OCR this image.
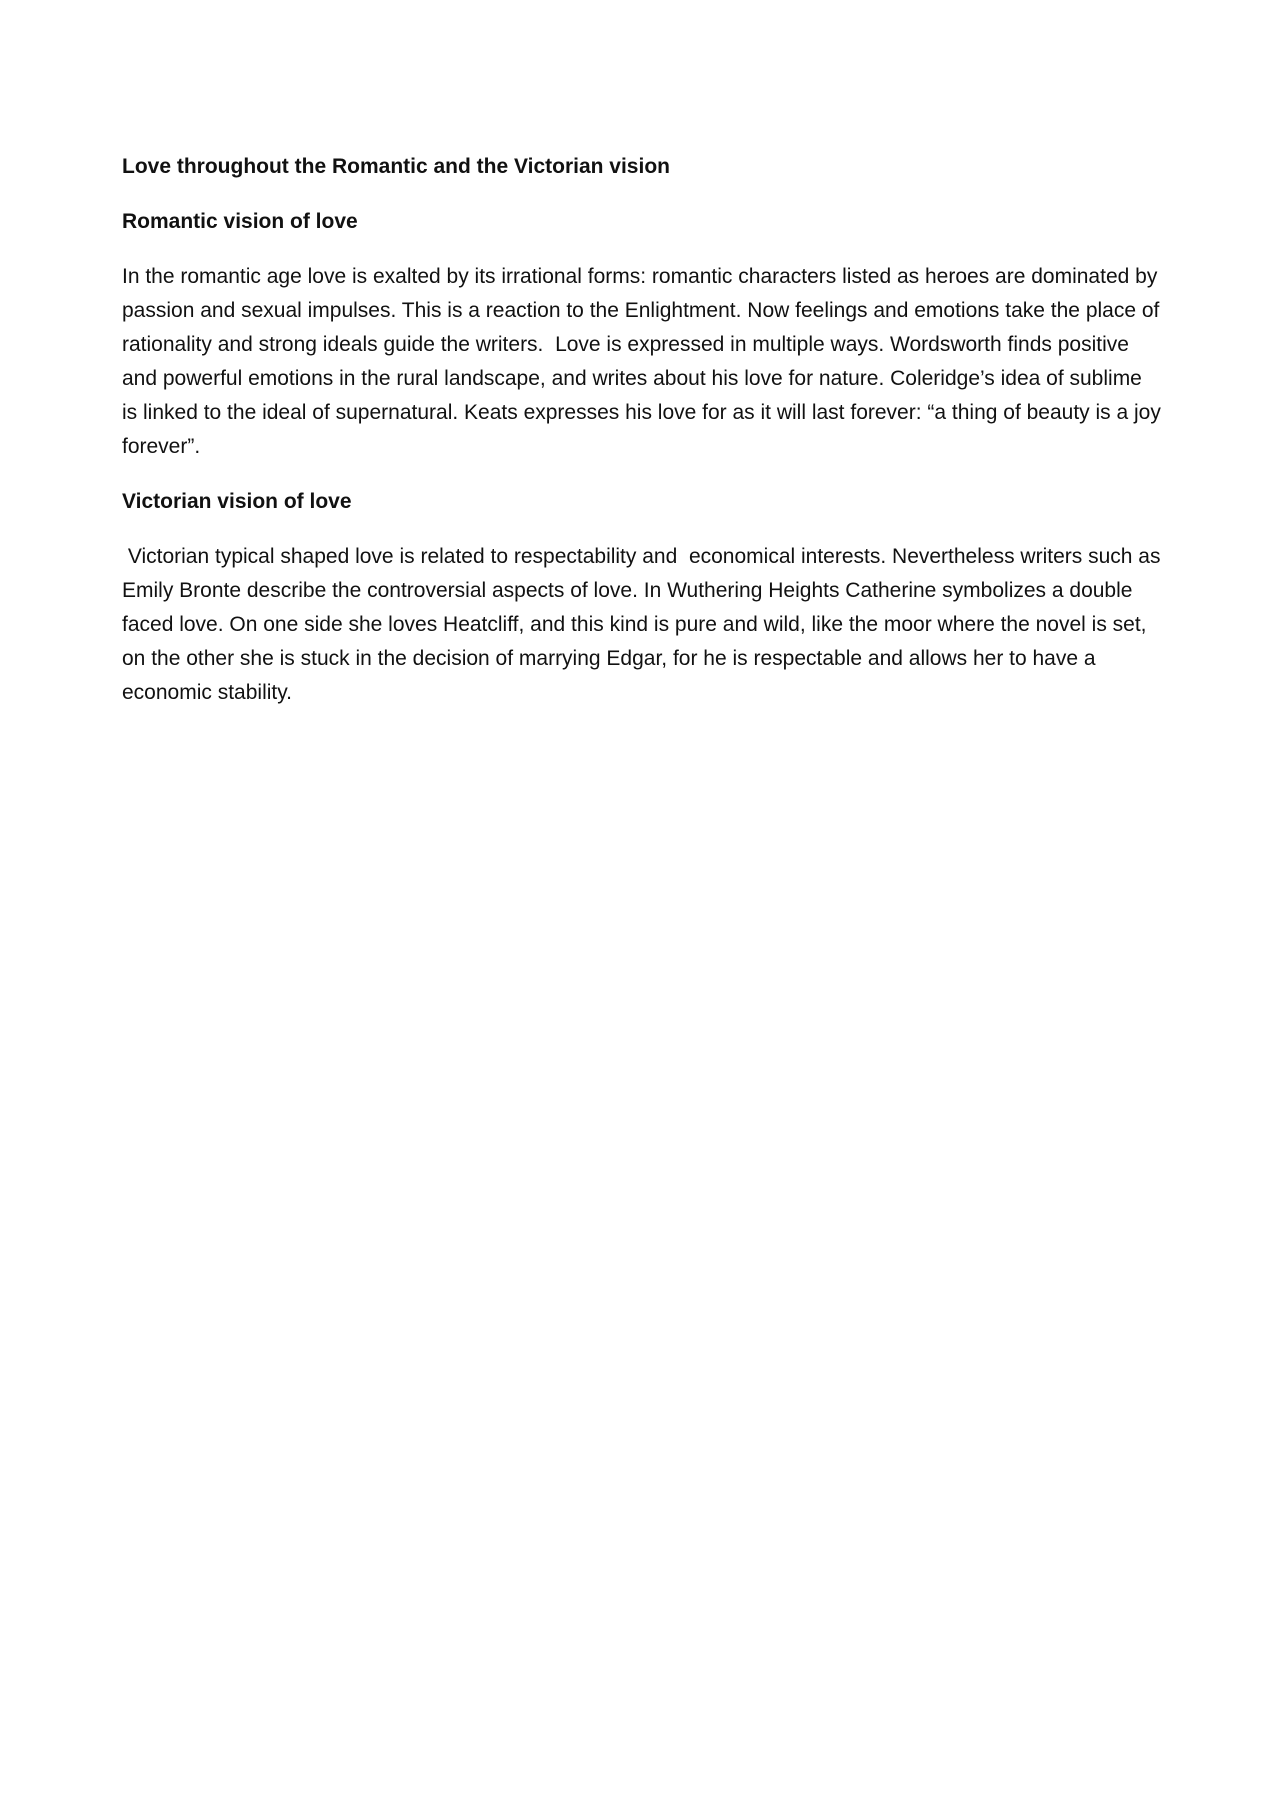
Love throughout the Romantic and the Victorian vision
Romantic vision of love

In the romantic age love is exalted by its irrational forms: romantic characters listed as heroes are dominated by passion and sexual impulses. This is a reaction to the Enlightment. Now feelings and emotions take the place of rationality and strong ideals guide the writers.  Love is expressed in multiple ways. Wordsworth finds positive and powerful emotions in the rural landscape, and writes about his love for nature. Coleridge’s idea of sublime is linked to the ideal of supernatural. Keats expresses his love for as it will last forever: “a thing of beauty is a joy forever”.

Victorian vision of love

Victorian typical shaped love is related to respectability and  economical interests. Nevertheless writers such as Emily Bronte describe the controversial aspects of love. In Wuthering Heights Catherine symbolizes a double faced love. On one side she loves Heatcliff, and this kind is pure and wild, like the moor where the novel is set, on the other she is stuck in the decision of marrying Edgar, for he is respectable and allows her to have a economic stability.
